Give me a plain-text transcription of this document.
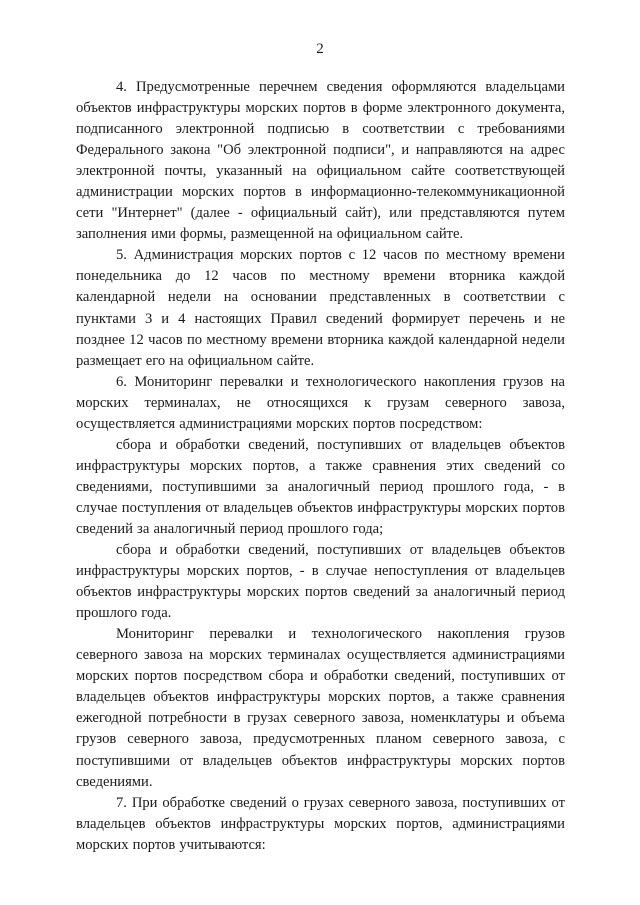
2

4. Предусмотренные перечнем сведения оформляются владельцами объектов инфраструктуры морских портов в форме электронного документа, подписанного электронной подписью в соответствии с требованиями Федерального закона "Об электронной подписи", и направляются на адрес электронной почты, указанный на официальном сайте соответствующей администрации морских портов в информационно-телекоммуникационной сети "Интернет" (далее - официальный сайт), или представляются путем заполнения ими формы, размещенной на официальном сайте.

5. Администрация морских портов с 12 часов по местному времени понедельника до 12 часов по местному времени вторника каждой календарной недели на основании представленных в соответствии с пунктами 3 и 4 настоящих Правил сведений формирует перечень и не позднее 12 часов по местному времени вторника каждой календарной недели размещает его на официальном сайте.

6. Мониторинг перевалки и технологического накопления грузов на морских терминалах, не относящихся к грузам северного завоза, осуществляется администрациями морских портов посредством:

сбора и обработки сведений, поступивших от владельцев объектов инфраструктуры морских портов, а также сравнения этих сведений со сведениями, поступившими за аналогичный период прошлого года, - в случае поступления от владельцев объектов инфраструктуры морских портов сведений за аналогичный период прошлого года;

сбора и обработки сведений, поступивших от владельцев объектов инфраструктуры морских портов, - в случае непоступления от владельцев объектов инфраструктуры морских портов сведений за аналогичный период прошлого года.

Мониторинг перевалки и технологического накопления грузов северного завоза на морских терминалах осуществляется администрациями морских портов посредством сбора и обработки сведений, поступивших от владельцев объектов инфраструктуры морских портов, а также сравнения ежегодной потребности в грузах северного завоза, номенклатуры и объема грузов северного завоза, предусмотренных планом северного завоза, с поступившими от владельцев объектов инфраструктуры морских портов сведениями.

7. При обработке сведений о грузах северного завоза, поступивших от владельцев объектов инфраструктуры морских портов, администрациями морских портов учитываются:
